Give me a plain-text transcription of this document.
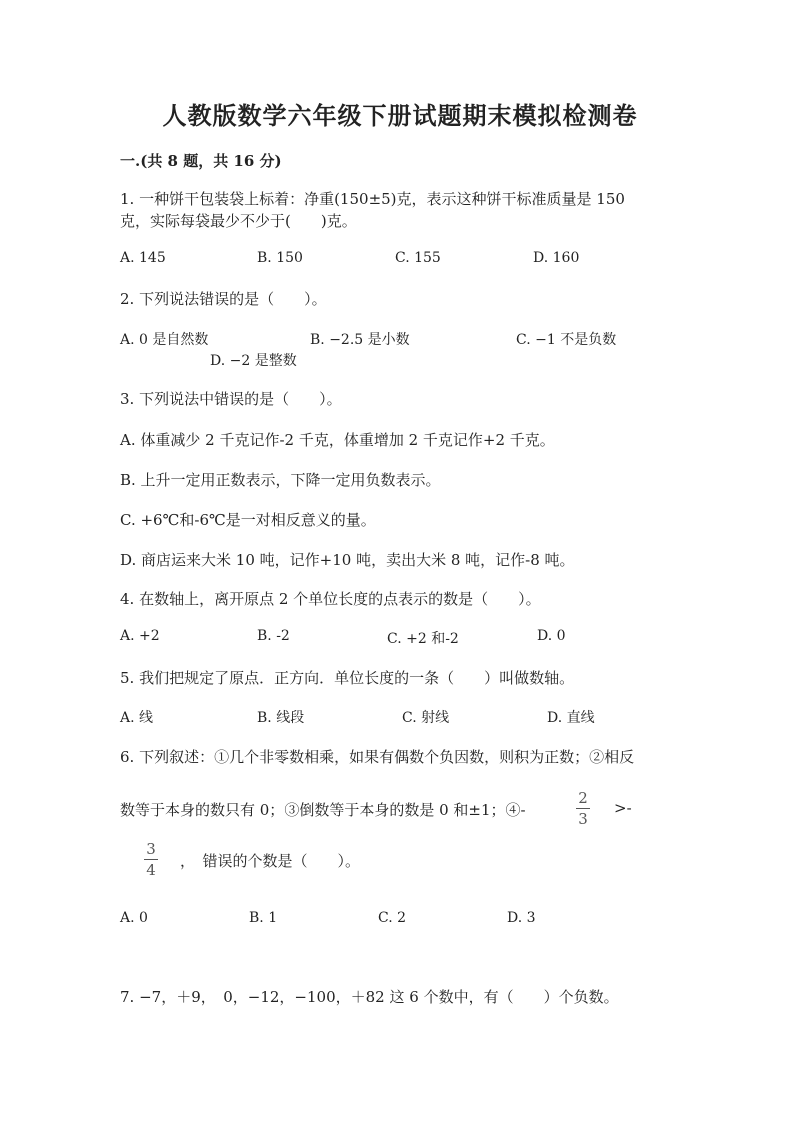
人教版数学六年级下册试题期末模拟检测卷
一.(共 8 题，共 16 分)
1. 一种饼干包装袋上标着：净重(150±5)克，表示这种饼干标准质量是 150
克，实际每袋最少不少于(　　)克。
A. 145	B. 150	C. 155	D. 160
2. 下列说法错误的是（　　）。
A. 0 是自然数	B. −2.5 是小数	C. −1 不是负数
D. −2 是整数
3. 下列说法中错误的是（　　）。
A. 体重减少 2 千克记作-2 千克，体重增加 2 千克记作+2 千克。
B. 上升一定用正数表示，下降一定用负数表示。
C. +6℃和-6℃是一对相反意义的量。
D. 商店运来大米 10 吨，记作+10 吨，卖出大米 8 吨，记作-8 吨。
4. 在数轴上，离开原点 2 个单位长度的点表示的数是（　　）。
A. +2	B. -2	C. +2 和-2	D. 0
5. 我们把规定了原点．正方向．单位长度的一条（　　）叫做数轴。
A. 线	B. 线段	C. 射线	D. 直线
6. 下列叙述：①几个非零数相乘，如果有偶数个负因数，则积为正数；②相反
数等于本身的数只有 0；③倒数等于本身的数是 0 和±1；④-
2
3
>-
3
4 ，　错误的个数是（　　）。
A. 0	B. 1	C. 2	D. 3
7. −7，＋9，　0，−12，−100，＋82 这 6 个数中，有（　　）个负数。
